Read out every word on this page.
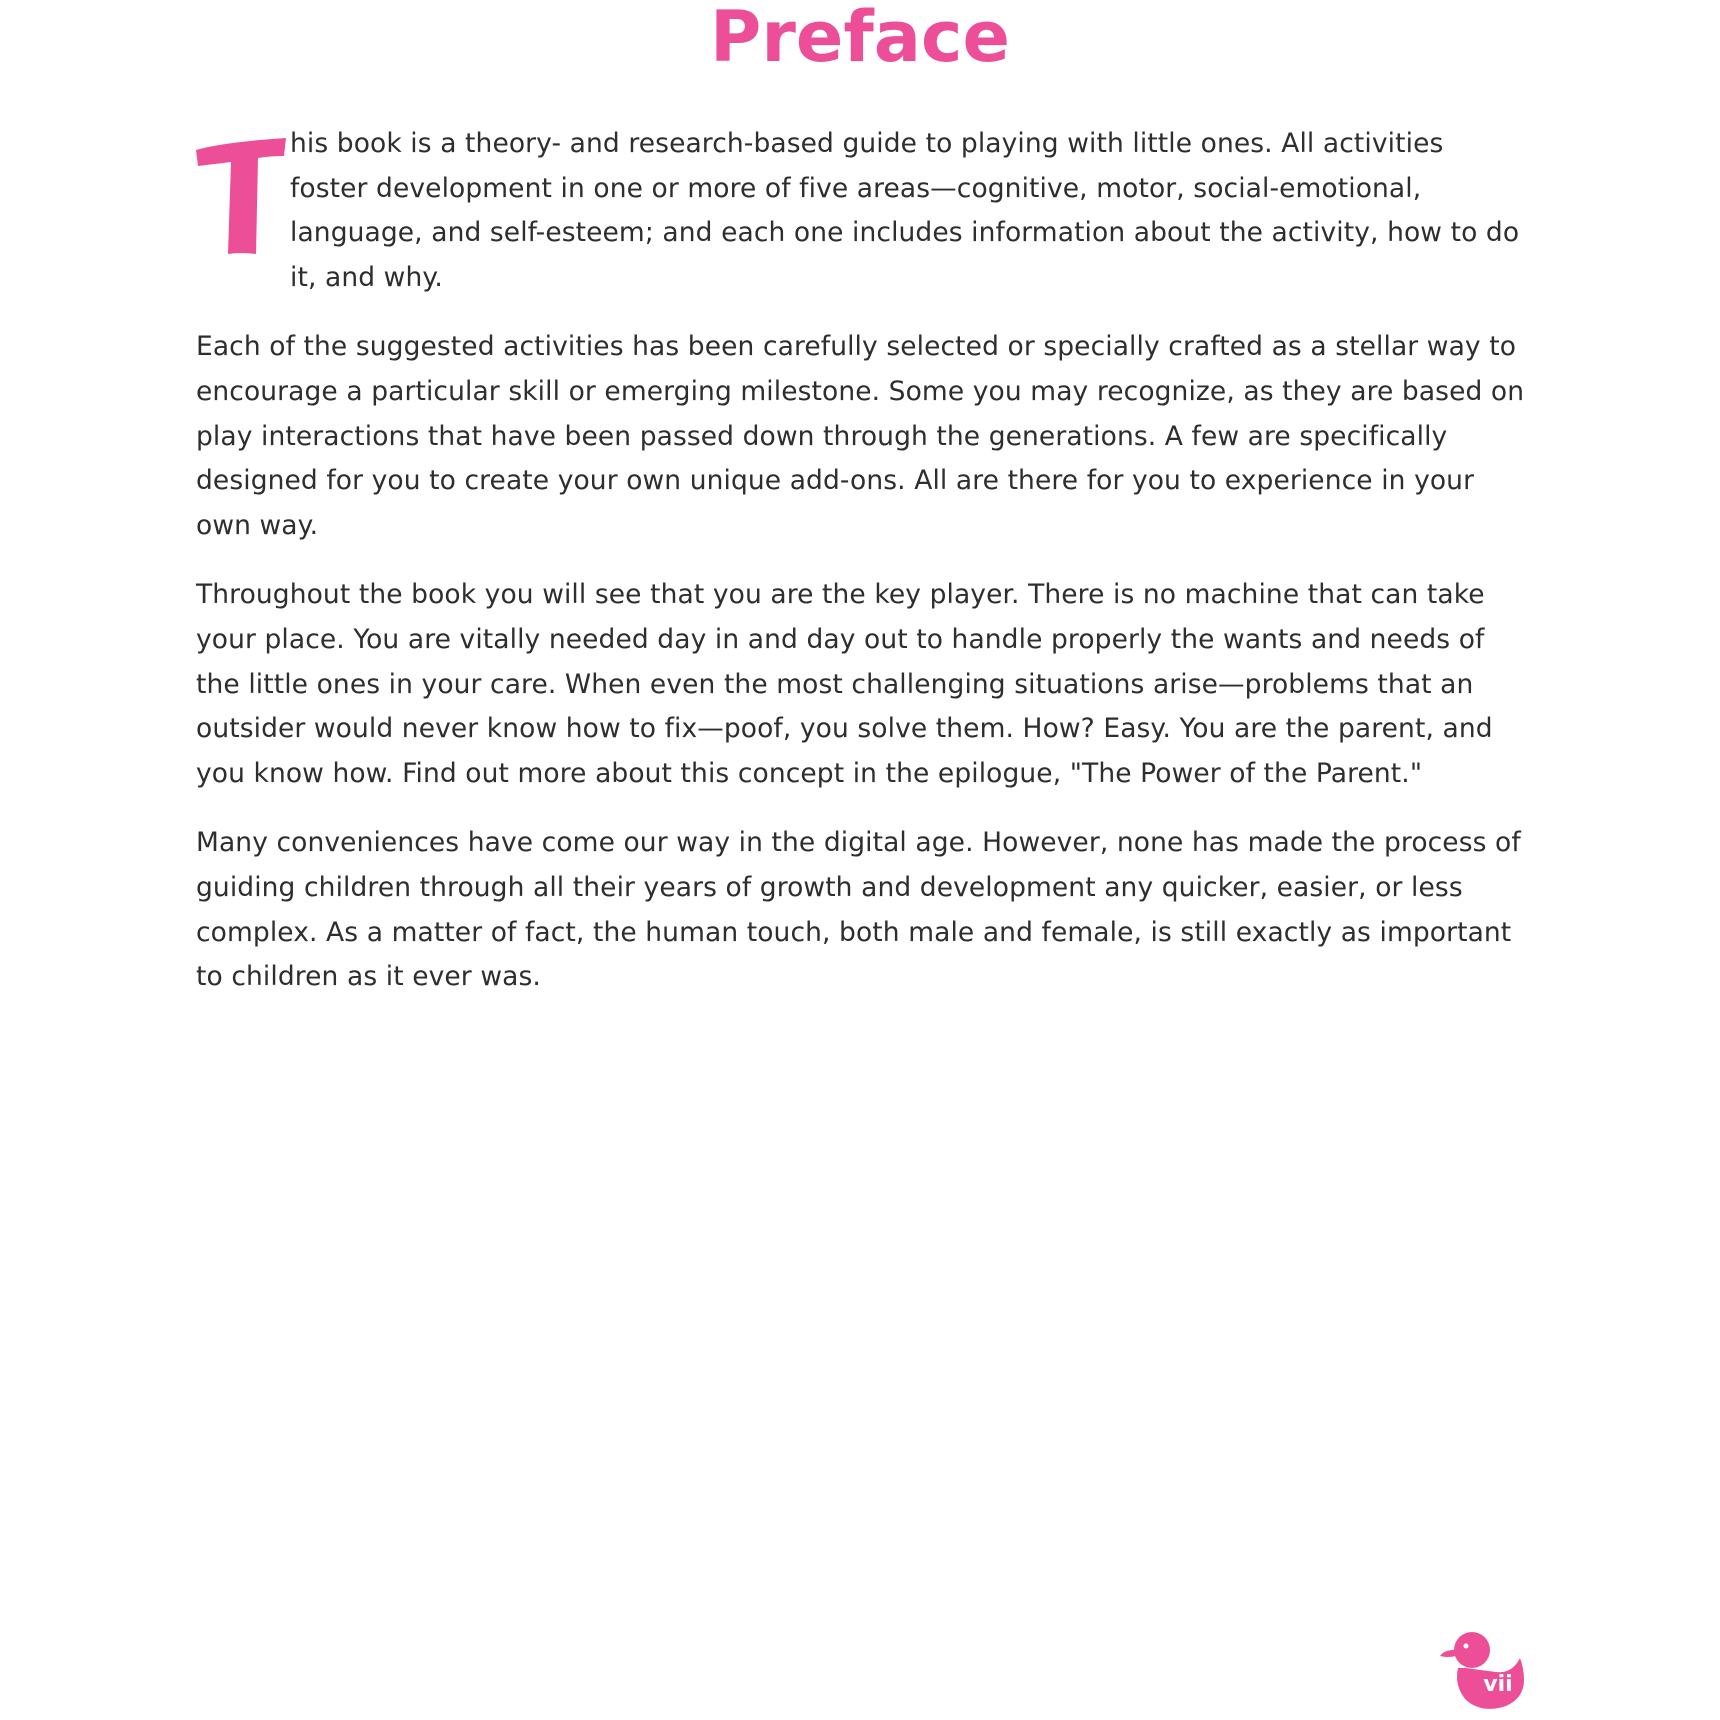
Preface

his book is a theory- and research-based guide to playing with little ones. All activities foster development in one or more of five areas—cognitive, motor, social-emotional, language, and self-esteem; and each one includes information about the activity, how to do it, and why.

Each of the suggested activities has been carefully selected or specially crafted as a stellar way to encourage a particular skill or emerging milestone. Some you may recognize, as they are based on play interactions that have been passed down through the generations. A few are specifically designed for you to create your own unique add-ons. All are there for you to experience in your own way.

Throughout the book you will see that you are the key player. There is no machine that can take your place. You are vitally needed day in and day out to handle properly the wants and needs of the little ones in your care. When even the most challenging situations arise—problems that an outsider would never know how to fix—poof, you solve them. How? Easy. You are the parent, and you know how. Find out more about this concept in the epilogue, "The Power of the Parent."

Many conveniences have come our way in the digital age. However, none has made the process of guiding children through all their years of growth and development any quicker, easier, or less complex. As a matter of fact, the human touch, both male and female, is still exactly as important to children as it ever was.

vii
